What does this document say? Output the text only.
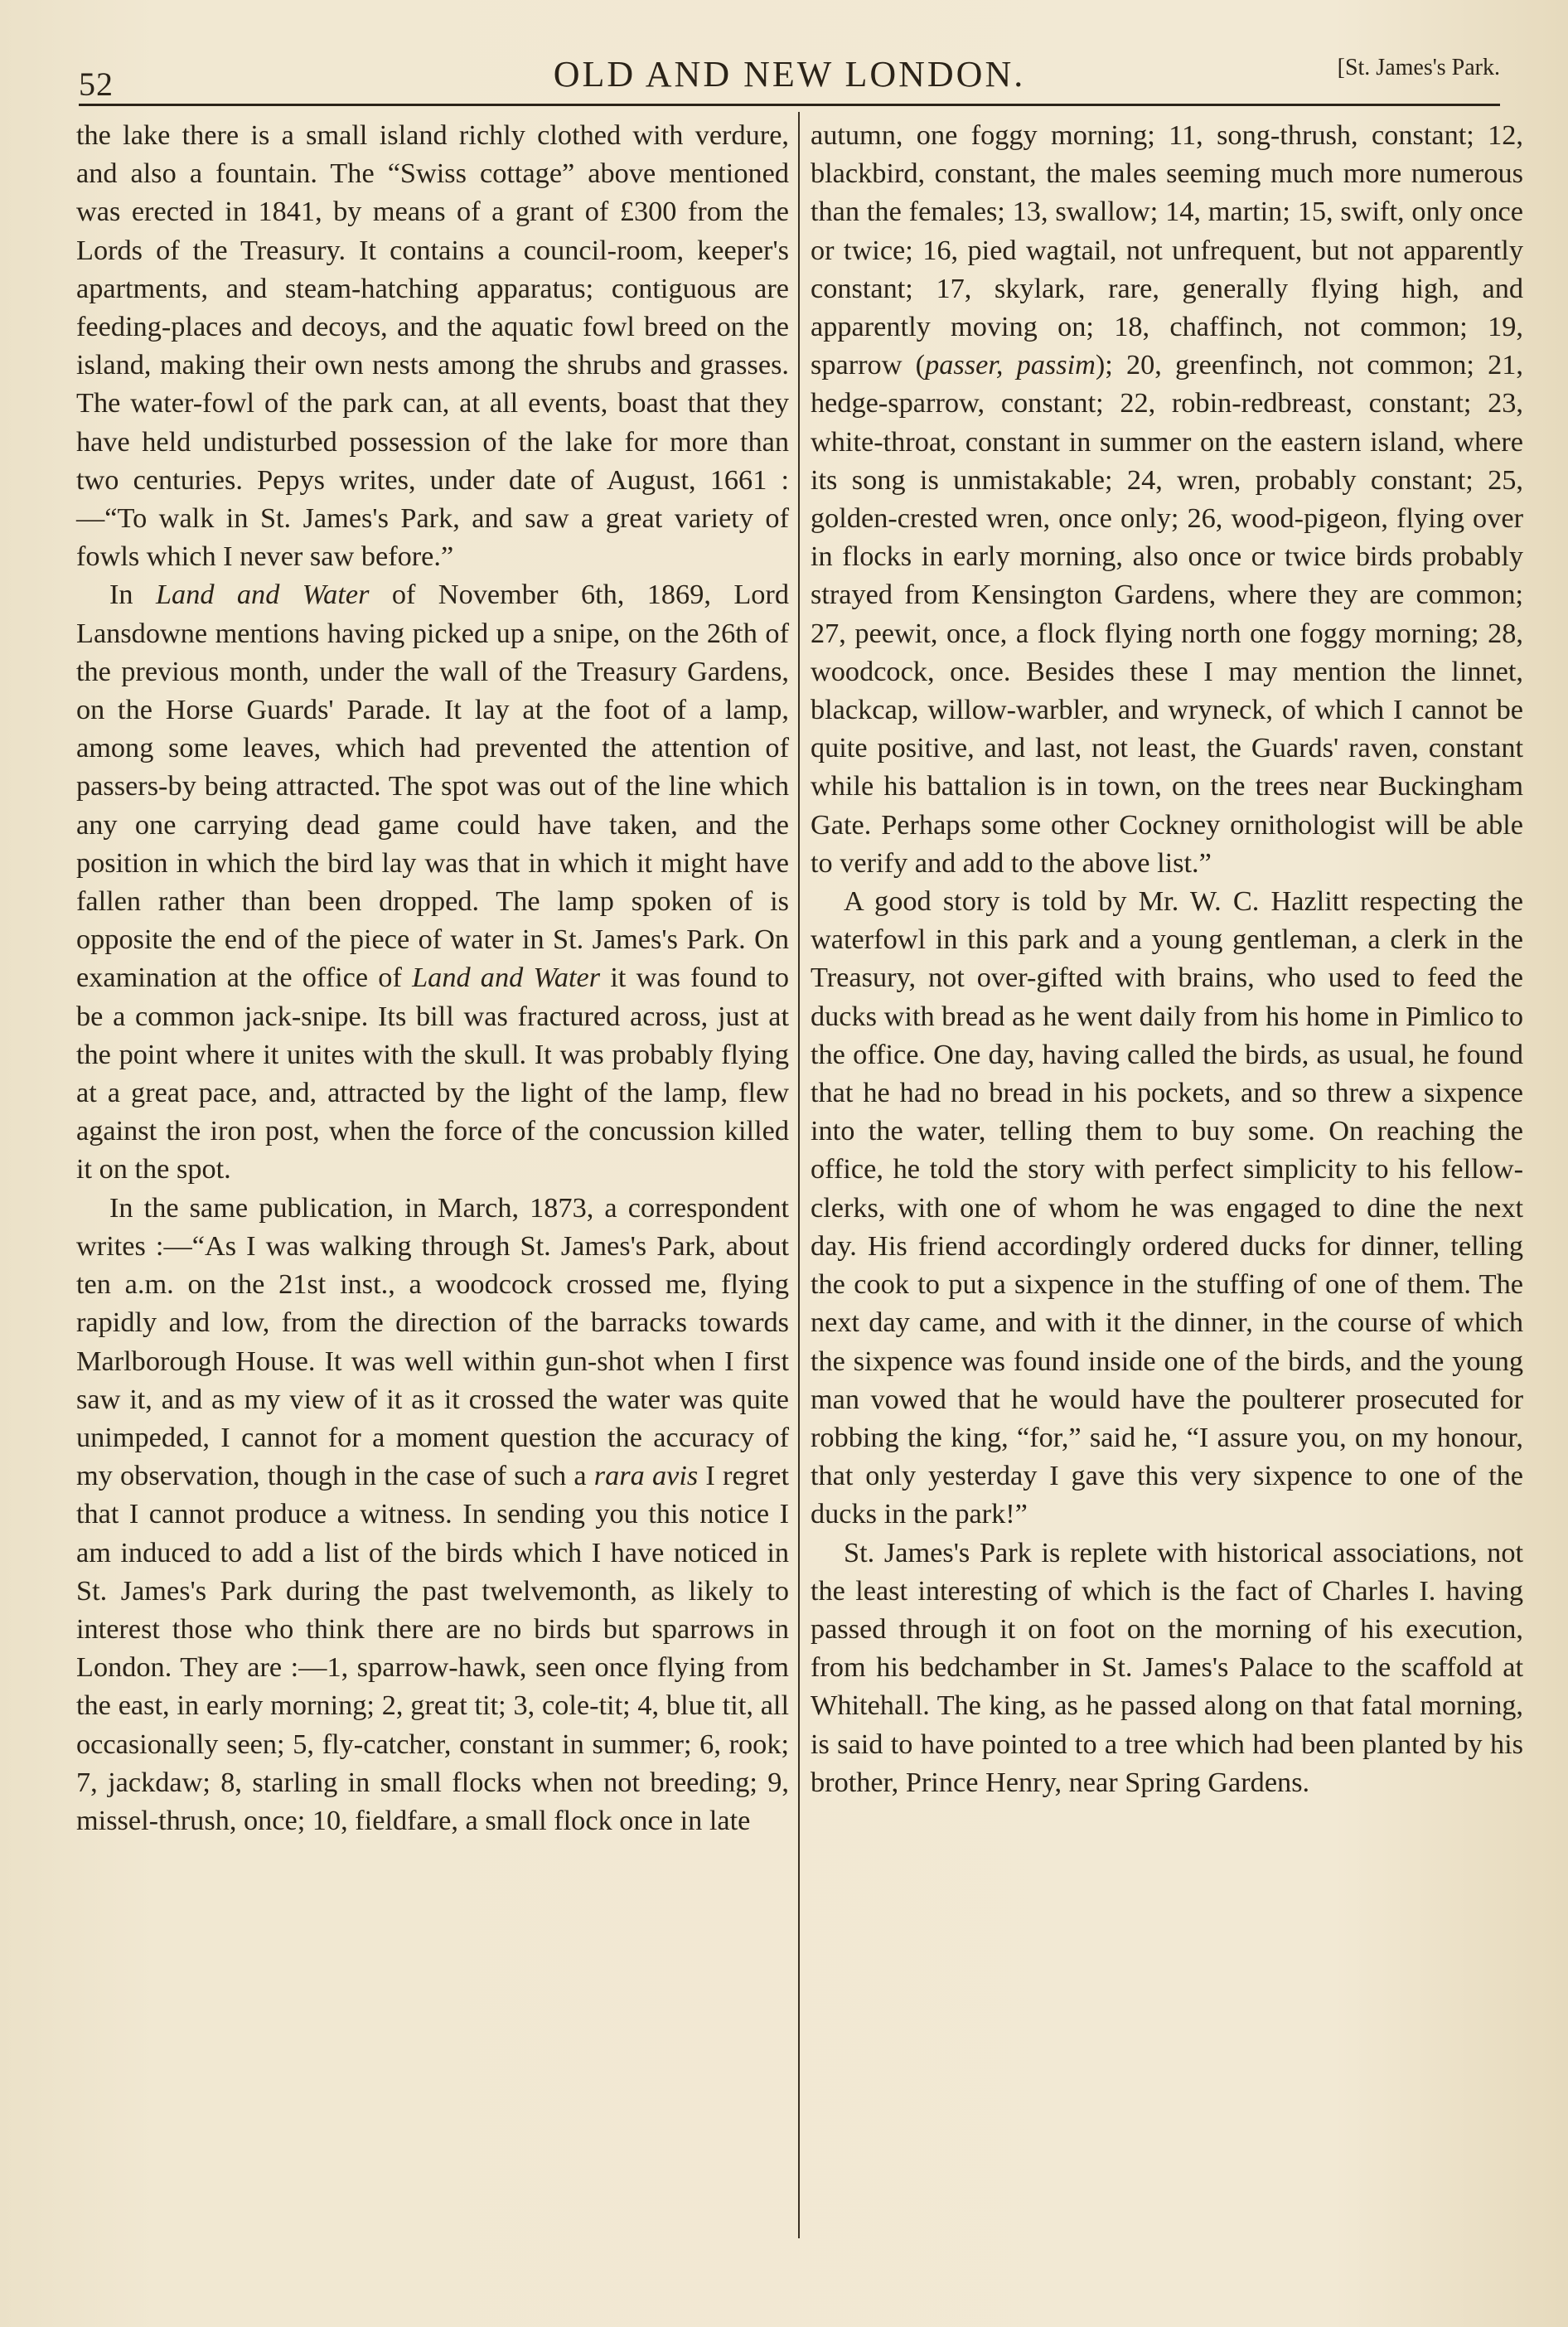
52	OLD AND NEW LONDON.	[St. James's Park.

the lake there is a small island richly clothed with verdure, and also a fountain. The “Swiss cottage” above mentioned was erected in 1841, by means of a grant of £300 from the Lords of the Treasury. It contains a council-room, keeper's apartments, and steam-hatching apparatus; contiguous are feeding-places and decoys, and the aquatic fowl breed on the island, making their own nests among the shrubs and grasses. The water-fowl of the park can, at all events, boast that they have held undisturbed possession of the lake for more than two centuries. Pepys writes, under date of August, 1661 :—“To walk in St. James's Park, and saw a great variety of fowls which I never saw before.”

In Land and Water of November 6th, 1869, Lord Lansdowne mentions having picked up a snipe, on the 26th of the previous month, under the wall of the Treasury Gardens, on the Horse Guards' Parade. It lay at the foot of a lamp, among some leaves, which had prevented the attention of passers-by being attracted. The spot was out of the line which any one carrying dead game could have taken, and the position in which the bird lay was that in which it might have fallen rather than been dropped. The lamp spoken of is opposite the end of the piece of water in St. James's Park. On examination at the office of Land and Water it was found to be a common jack-snipe. Its bill was fractured across, just at the point where it unites with the skull. It was probably flying at a great pace, and, attracted by the light of the lamp, flew against the iron post, when the force of the concussion killed it on the spot.

In the same publication, in March, 1873, a correspondent writes :—“As I was walking through St. James's Park, about ten a.m. on the 21st inst., a woodcock crossed me, flying rapidly and low, from the direction of the barracks towards Marlborough House. It was well within gun-shot when I first saw it, and as my view of it as it crossed the water was quite unimpeded, I cannot for a moment question the accuracy of my observation, though in the case of such a rara avis I regret that I cannot produce a witness. In sending you this notice I am induced to add a list of the birds which I have noticed in St. James's Park during the past twelvemonth, as likely to interest those who think there are no birds but sparrows in London. They are :—1, sparrow-hawk, seen once flying from the east, in early morning; 2, great tit; 3, cole-tit; 4, blue tit, all occasionally seen; 5, fly-catcher, constant in summer; 6, rook; 7, jackdaw; 8, starling in small flocks when not breeding; 9, missel-thrush, once; 10, fieldfare, a small flock once in late

autumn, one foggy morning; 11, song-thrush, constant; 12, blackbird, constant, the males seeming much more numerous than the females; 13, swallow; 14, martin; 15, swift, only once or twice; 16, pied wagtail, not unfrequent, but not apparently constant; 17, skylark, rare, generally flying high, and apparently moving on; 18, chaffinch, not common; 19, sparrow (passer, passim); 20, greenfinch, not common; 21, hedge-sparrow, constant; 22, robin-redbreast, constant; 23, white-throat, constant in summer on the eastern island, where its song is unmistakable; 24, wren, probably constant; 25, golden-crested wren, once only; 26, wood-pigeon, flying over in flocks in early morning, also once or twice birds probably strayed from Kensington Gardens, where they are common; 27, peewit, once, a flock flying north one foggy morning; 28, woodcock, once. Besides these I may mention the linnet, blackcap, willow-warbler, and wryneck, of which I cannot be quite positive, and last, not least, the Guards' raven, constant while his battalion is in town, on the trees near Buckingham Gate. Perhaps some other Cockney ornithologist will be able to verify and add to the above list.”

A good story is told by Mr. W. C. Hazlitt respecting the waterfowl in this park and a young gentleman, a clerk in the Treasury, not over-gifted with brains, who used to feed the ducks with bread as he went daily from his home in Pimlico to the office. One day, having called the birds, as usual, he found that he had no bread in his pockets, and so threw a sixpence into the water, telling them to buy some. On reaching the office, he told the story with perfect simplicity to his fellow-clerks, with one of whom he was engaged to dine the next day. His friend accordingly ordered ducks for dinner, telling the cook to put a sixpence in the stuffing of one of them. The next day came, and with it the dinner, in the course of which the sixpence was found inside one of the birds, and the young man vowed that he would have the poulterer prosecuted for robbing the king, “for,” said he, “I assure you, on my honour, that only yesterday I gave this very sixpence to one of the ducks in the park!”

St. James's Park is replete with historical associations, not the least interesting of which is the fact of Charles I. having passed through it on foot on the morning of his execution, from his bedchamber in St. James's Palace to the scaffold at Whitehall. The king, as he passed along on that fatal morning, is said to have pointed to a tree which had been planted by his brother, Prince Henry, near Spring Gardens.
